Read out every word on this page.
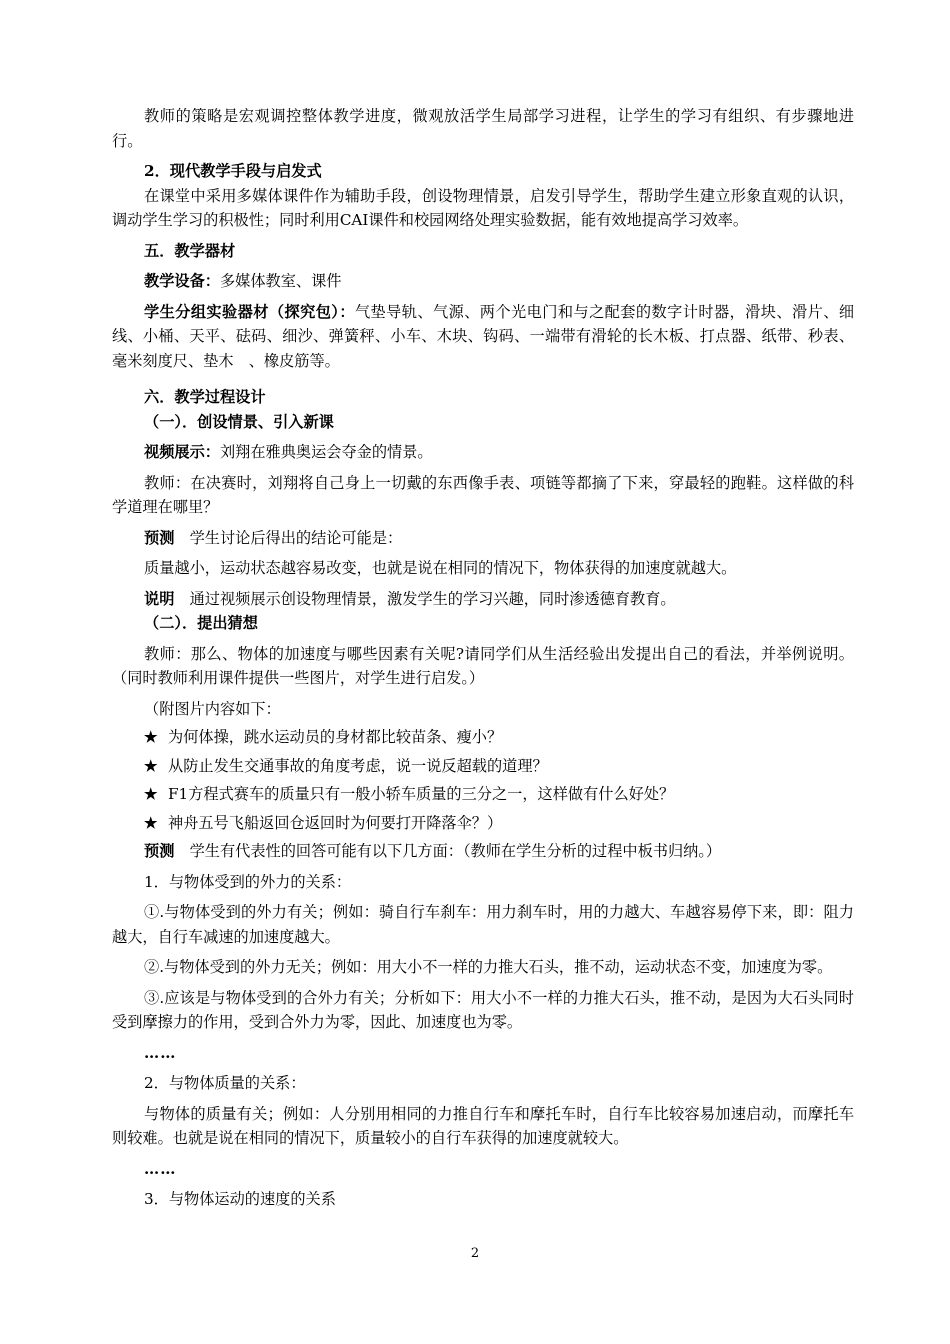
教师的策略是宏观调控整体教学进度，微观放活学生局部学习进程，让学生的学习有组织、有步骤地进行。

2．现代教学手段与启发式

在课堂中采用多媒体课件作为辅助手段，创设物理情景，启发引导学生，帮助学生建立形象直观的认识，调动学生学习的积极性；同时利用CAI课件和校园网络处理实验数据，能有效地提高学习效率。

五．教学器材

教学设备：多媒体教室、课件

学生分组实验器材（探究包）：气垫导轨、气源、两个光电门和与之配套的数字计时器，滑块、滑片、细线、小桶、天平、砝码、细沙、弹簧秤、小车、木块、钩码、一端带有滑轮的长木板、打点器、纸带、秒表、毫米刻度尺、垫木　、橡皮筋等。

六．教学过程设计

（一）．创设情景、引入新课

视频展示：刘翔在雅典奥运会夺金的情景。

教师：在决赛时，刘翔将自己身上一切戴的东西像手表、项链等都摘了下来，穿最轻的跑鞋。这样做的科学道理在哪里？

预测　学生讨论后得出的结论可能是：

质量越小，运动状态越容易改变，也就是说在相同的情况下，物体获得的加速度就越大。

说明　通过视频展示创设物理情景，激发学生的学习兴趣，同时渗透德育教育。

（二）．提出猜想

教师：那么、物体的加速度与哪些因素有关呢?请同学们从生活经验出发提出自己的看法，并举例说明。（同时教师利用课件提供一些图片，对学生进行启发。）

（附图片内容如下：

★ 为何体操，跳水运动员的身材都比较苗条、瘦小？
★ 从防止发生交通事故的角度考虑，说一说反超载的道理？
★ F1方程式赛车的质量只有一般小轿车质量的三分之一，这样做有什么好处？
★ 神舟五号飞船返回仓返回时为何要打开降落伞？）

预测　学生有代表性的回答可能有以下几方面：（教师在学生分析的过程中板书归纳。）

1．与物体受到的外力的关系：

①.与物体受到的外力有关；例如：骑自行车刹车：用力刹车时，用的力越大、车越容易停下来，即：阻力越大，自行车减速的加速度越大。

②.与物体受到的外力无关；例如：用大小不一样的力推大石头，推不动，运动状态不变，加速度为零。

③.应该是与物体受到的合外力有关；分析如下：用大小不一样的力推大石头，推不动，是因为大石头同时受到摩擦力的作用，受到合外力为零，因此、加速度也为零。

……

2．与物体质量的关系：

与物体的质量有关；例如：人分别用相同的力推自行车和摩托车时，自行车比较容易加速启动，而摩托车则较难。也就是说在相同的情况下，质量较小的自行车获得的加速度就较大。

……

3．与物体运动的速度的关系

2
